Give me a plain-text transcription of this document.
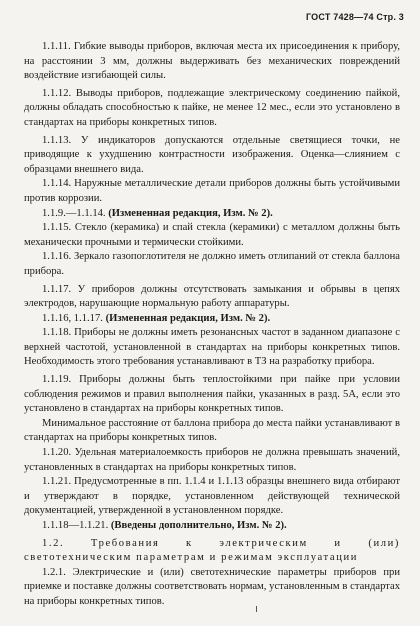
ГОСТ 7428—74 Стр. 3

1.1.11. Гибкие выводы приборов, включая места их присоединения к прибору, на расстоянии 3 мм, должны выдерживать без механических повреждений воздействие изгибающей силы.

1.1.12. Выводы приборов, подлежащие электрическому соединению пайкой, должны обладать способностью к пайке, не менее 12 мес., если это установлено в стандартах на приборы конкретных типов.

1.1.13. У индикаторов допускаются отдельные светящиеся точки, не приводящие к ухудшению контрастности изображения. Оценка—слиянием с образцами внешнего вида.

1.1.14. Наружные металлические детали приборов должны быть устойчивыми против коррозии.

1.1.9.—1.1.14. (Измененная редакция, Изм. № 2).

1.1.15. Стекло (керамика) и спай стекла (керамики) с металлом должны быть механически прочными и термически стойкими.

1.1.16. Зеркало газопоглотителя не должно иметь отлипаний от стекла баллона прибора.

1.1.17. У приборов должны отсутствовать замыкания и обрывы в цепях электродов, нарушающие нормальную работу аппаратуры.

1.1.16, 1.1.17. (Измененная редакция, Изм. № 2).

1.1.18. Приборы не должны иметь резонансных частот в заданном диапазоне с верхней частотой, установленной в стандартах на приборы конкретных типов. Необходимость этого требования устанавливают в ТЗ на разработку прибора.

1.1.19. Приборы должны быть теплостойкими при пайке при условии соблюдения режимов и правил выполнения пайки, указанных в разд. 5А, если это установлено в стандартах на приборы конкретных типов.

Минимальное расстояние от баллона прибора до места пайки устанавливают в стандартах на приборы конкретных типов.

1.1.20. Удельная материалоемкость приборов не должна превышать значений, установленных в стандартах на приборы конкретных типов.

1.1.21. Предусмотренные в пп. 1.1.4 и 1.1.13 образцы внешнего вида отбирают и утверждают в порядке, установленном действующей технической документацией, утвержденной в установленном порядке.

1.1.18—1.1.21. (Введены дополнительно, Изм. № 2).

1.2. Требования к электрическим и (или) светотехническим параметрам и режимам эксплуатации

1.2.1. Электрические и (или) светотехнические параметры приборов при приемке и поставке должны соответствовать нормам, установленным в стандартах на приборы конкретных типов.
